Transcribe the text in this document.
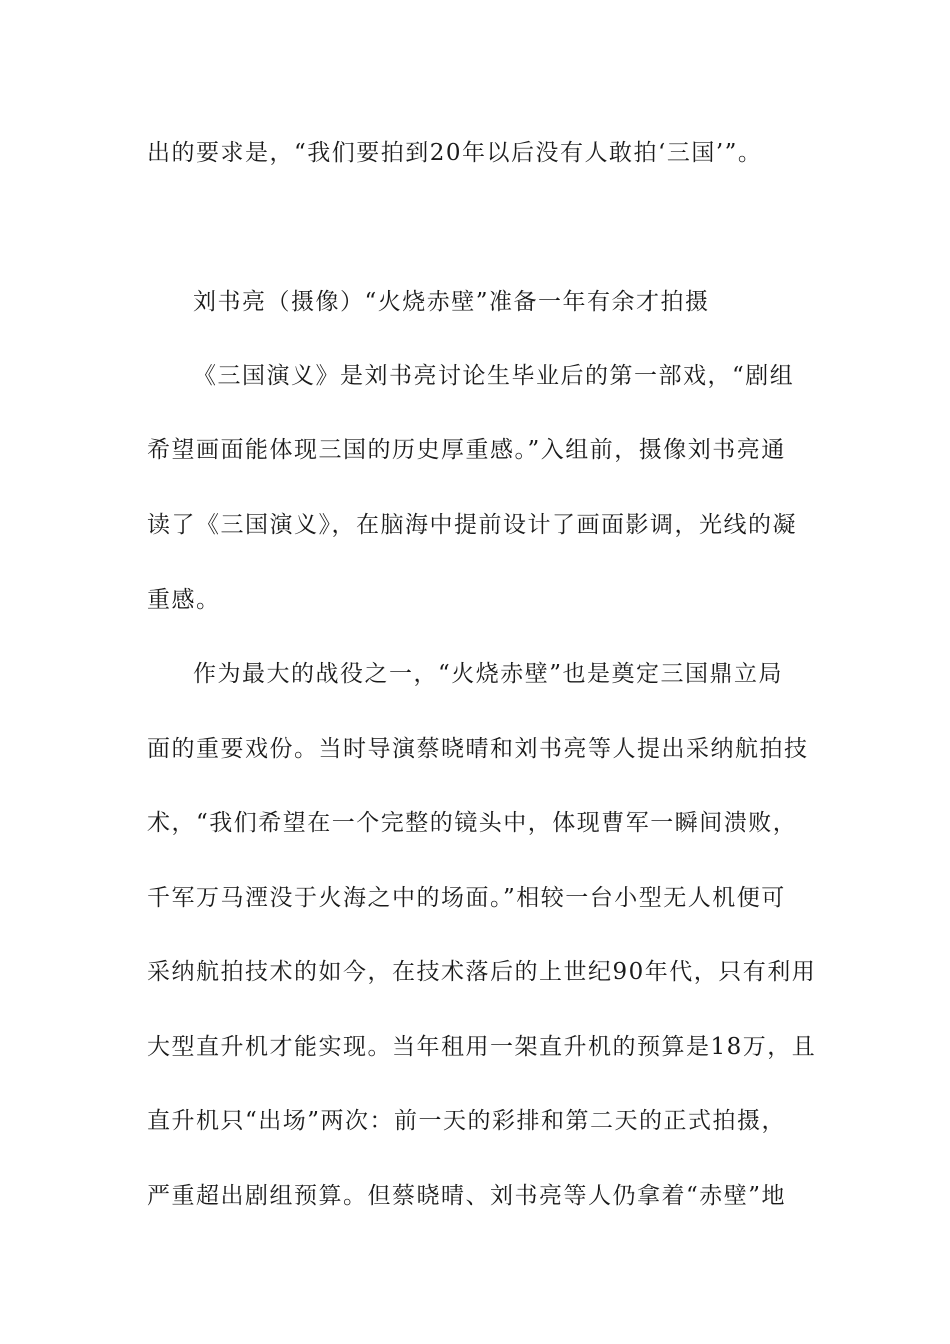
出的要求是，“我们要拍到20年以后没有人敢拍‘三国’”。
刘书亮（摄像）“火烧赤壁”准备一年有余才拍摄
《三国演义》是刘书亮讨论生毕业后的第一部戏，“剧组
希望画面能体现三国的历史厚重感。”入组前，摄像刘书亮通
读了《三国演义》，在脑海中提前设计了画面影调，光线的凝
重感。
作为最大的战役之一，“火烧赤壁”也是奠定三国鼎立局
面的重要戏份。当时导演蔡晓晴和刘书亮等人提出采纳航拍技
术，“我们希望在一个完整的镜头中，体现曹军一瞬间溃败，
千军万马湮没于火海之中的场面。”相较一台小型无人机便可
采纳航拍技术的如今，在技术落后的上世纪90年代，只有利用
大型直升机才能实现。当年租用一架直升机的预算是18万，且
直升机只“出场”两次：前一天的彩排和第二天的正式拍摄，
严重超出剧组预算。但蔡晓晴、刘书亮等人仍拿着“赤壁”地
